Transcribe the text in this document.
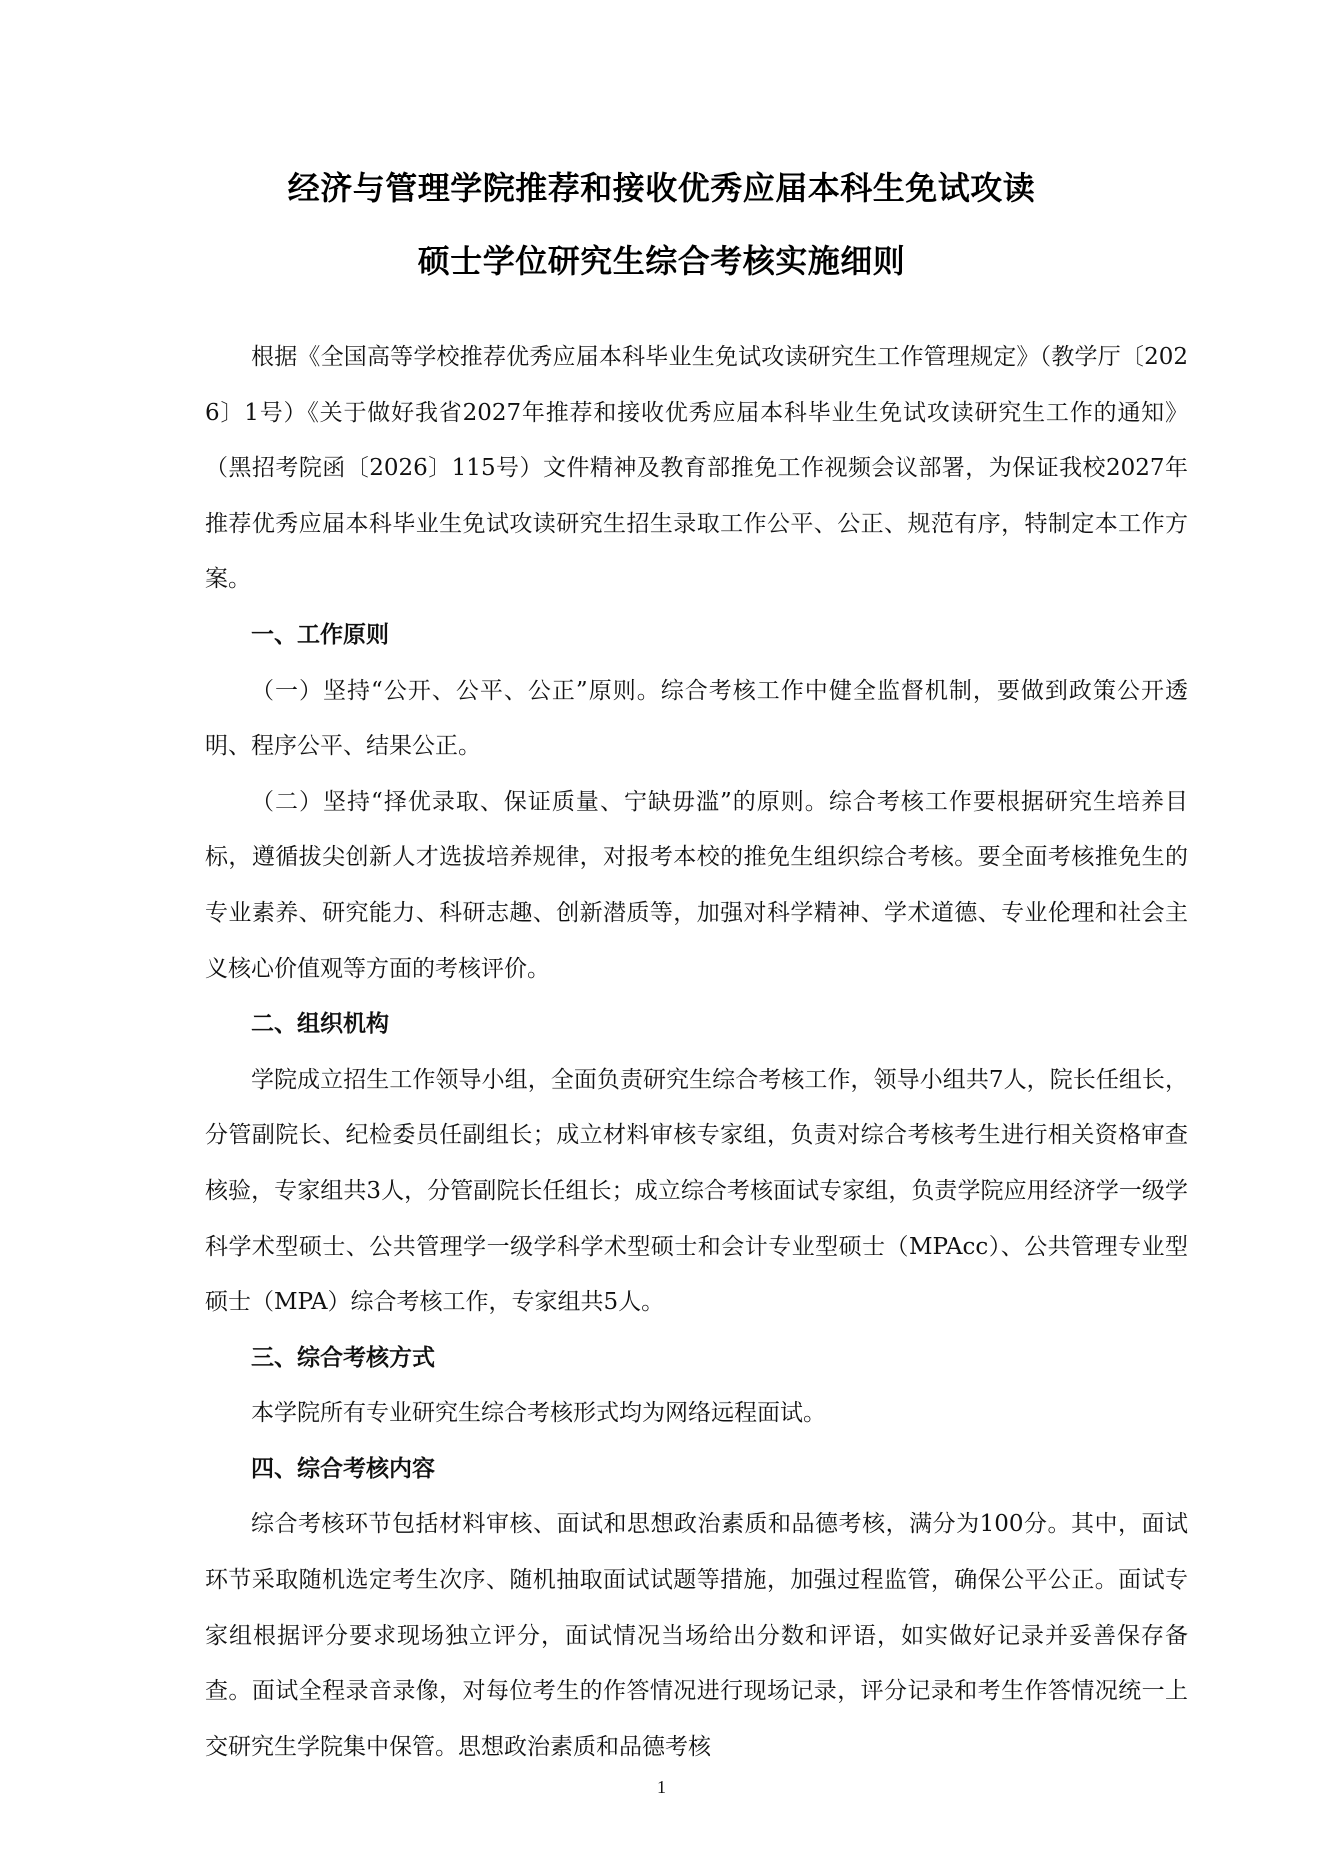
经济与管理学院推荐和接收优秀应届本科生免试攻读
硕士学位研究生综合考核实施细则

根据《全国高等学校推荐优秀应届本科毕业生免试攻读研究生工作管理规定》（教学厅〔2026〕1号）《关于做好我省2027年推荐和接收优秀应届本科毕业生免试攻读研究生工作的通知》（黑招考院函〔2026〕115号）文件精神及教育部推免工作视频会议部署，为保证我校2027年推荐优秀应届本科毕业生免试攻读研究生招生录取工作公平、公正、规范有序，特制定本工作方案。

一、工作原则

（一）坚持“公开、公平、公正”原则。综合考核工作中健全监督机制，要做到政策公开透明、程序公平、结果公正。

（二）坚持“择优录取、保证质量、宁缺毋滥”的原则。综合考核工作要根据研究生培养目标，遵循拔尖创新人才选拔培养规律，对报考本校的推免生组织综合考核。要全面考核推免生的专业素养、研究能力、科研志趣、创新潜质等，加强对科学精神、学术道德、专业伦理和社会主义核心价值观等方面的考核评价。

二、组织机构

学院成立招生工作领导小组，全面负责研究生综合考核工作，领导小组共7人，院长任组长，分管副院长、纪检委员任副组长；成立材料审核专家组，负责对综合考核考生进行相关资格审查核验，专家组共3人，分管副院长任组长；成立综合考核面试专家组，负责学院应用经济学一级学科学术型硕士、公共管理学一级学科学术型硕士和会计专业型硕士（MPAcc）、公共管理专业型硕士（MPA）综合考核工作，专家组共5人。

三、综合考核方式

本学院所有专业研究生综合考核形式均为网络远程面试。

四、综合考核内容

综合考核环节包括材料审核、面试和思想政治素质和品德考核，满分为100分。其中，面试环节采取随机选定考生次序、随机抽取面试试题等措施，加强过程监管，确保公平公正。面试专家组根据评分要求现场独立评分，面试情况当场给出分数和评语，如实做好记录并妥善保存备查。面试全程录音录像，对每位考生的作答情况进行现场记录，评分记录和考生作答情况统一上交研究生学院集中保管。思想政治素质和品德考核

1
